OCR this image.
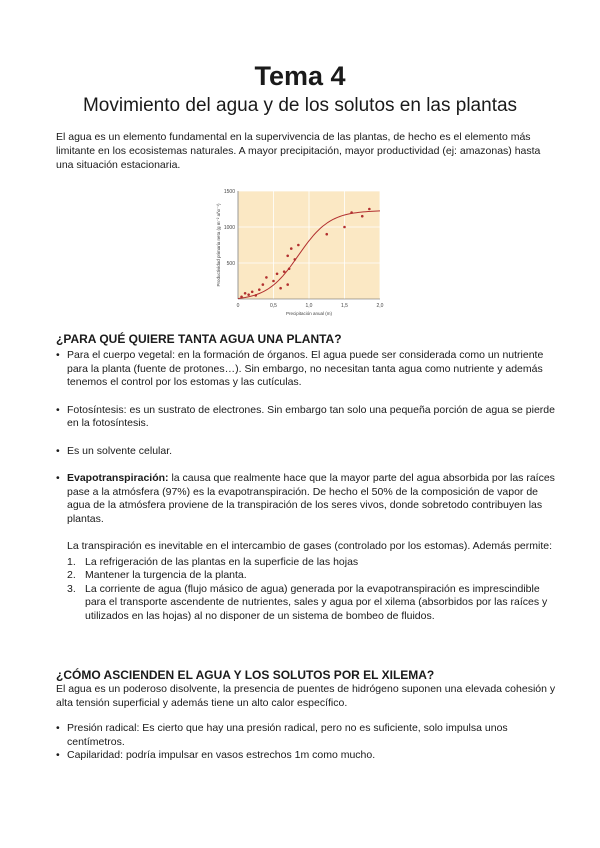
Tema 4
Movimiento del agua y de los solutos en las plantas
El agua es un elemento fundamental en la supervivencia de las plantas, de hecho es el elemento más limitante en los ecosistemas naturales. A mayor precipitación, mayor productividad (ej: amazonas) hasta una situación estacionaria.
0	0,5	1,0	1,5	2,0
500
1000
1500
Precipitación anual (m)
Productividad primaria neta (g m⁻² año⁻¹)
¿PARA QUÉ QUIERE TANTA AGUA UNA PLANTA?
• Para el cuerpo vegetal: en la formación de órganos. El agua puede ser considerada como un nutriente para la planta (fuente de protones…). Sin embargo, no necesitan tanta agua como nutriente y además tenemos el control por los estomas y las cutículas.
• Fotosíntesis: es un sustrato de electrones. Sin embargo tan solo una pequeña porción de agua se pierde en la fotosíntesis.
• Es un solvente celular.
• Evapotranspiración: la causa que realmente hace que la mayor parte del agua absorbida por las raíces pase a la atmósfera (97%) es la evapotranspiración. De hecho el 50% de la composición de vapor de agua de la atmósfera proviene de la transpiración de los seres vivos, donde sobretodo contribuyen las plantas.
La transpiración es inevitable en el intercambio de gases (controlado por los estomas). Además permite:
1. La refrigeración de las plantas en la superficie de las hojas
2. Mantener la turgencia de la planta.
3. La corriente de agua (flujo másico de agua) generada por la evapotranspiración es imprescindible para el transporte ascendente de nutrientes, sales y agua por el xilema (absorbidos por las raíces y utilizados en las hojas) al no disponer de un sistema de bombeo de fluidos.
¿CÓMO ASCIENDEN EL AGUA Y LOS SOLUTOS POR EL XILEMA?
El agua es un poderoso disolvente, la presencia de puentes de hidrógeno suponen una elevada cohesión y alta tensión superficial y además tiene un alto calor específico.
• Presión radical: Es cierto que hay una presión radical, pero no es suficiente, solo impulsa unos centímetros.
• Capilaridad: podría impulsar en vasos estrechos 1m como mucho.
